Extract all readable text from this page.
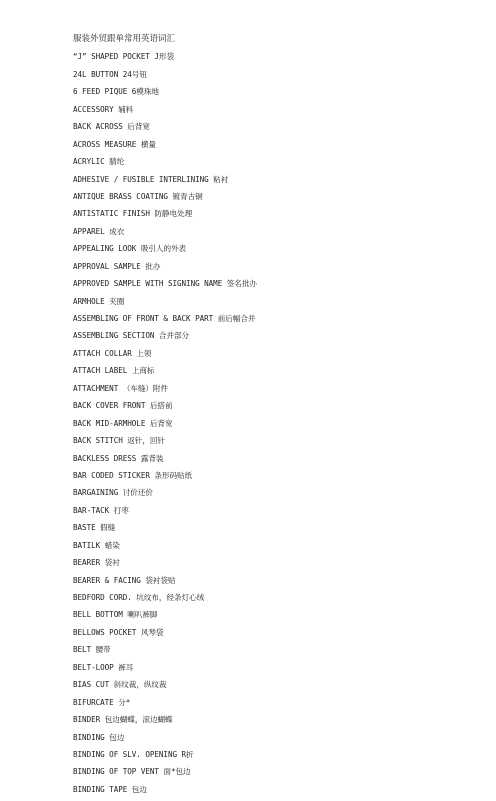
服装外贸跟单常用英语词汇
“J” SHAPED POCKET J形袋
24L BUTTON 24号钮
6 FEED PIQUE 6模珠地
ACCESSORY 辅料
BACK ACROSS 后背宽
ACROSS MEASURE 横量
ACRYLIC 腈纶
ADHESIVE / FUSIBLE INTERLINING 粘衬
ANTIQUE BRASS COATING 镀青古铜
ANTISTATIC FINISH 防静电处理
APPAREL 成衣
APPEALING LOOK 吸引人的外表
APPROVAL SAMPLE 批办
APPROVED SAMPLE WITH SIGNING NAME 签名批办
ARMHOLE 夹圈
ASSEMBLING OF FRONT & BACK PART 前后幅合并
ASSEMBLING SECTION 合并部分
ATTACH COLLAR 上领
ATTACH LABEL 上商标
ATTACHMENT （车缝）附件
BACK COVER FRONT 后搭前
BACK MID-ARMHOLE 后背宽
BACK STITCH 返针，回针
BACKLESS DRESS 露背装
BAR CODED STICKER 条形码贴纸
BARGAINING 讨价还价
BAR-TACK 打枣
BASTE 假缝
BATILK 蜡染
BEARER 袋衬
BEARER & FACING 袋衬袋贴
BEDFORD CORD. 坑纹布，经条灯心绒
BELL BOTTOM 喇叭裤脚
BELLOWS POCKET 风琴袋
BELT 腰带
BELT-LOOP 裤耳
BIAS CUT 斜纹裁，纵纹裁
BIFURCATE 分*
BINDER 包边蝴蝶，滚边蝴蝶
BINDING 包边
BINDING OF SLV. OPENING R折
BINDING OF TOP VENT 面*包边
BINDING TAPE 包边
